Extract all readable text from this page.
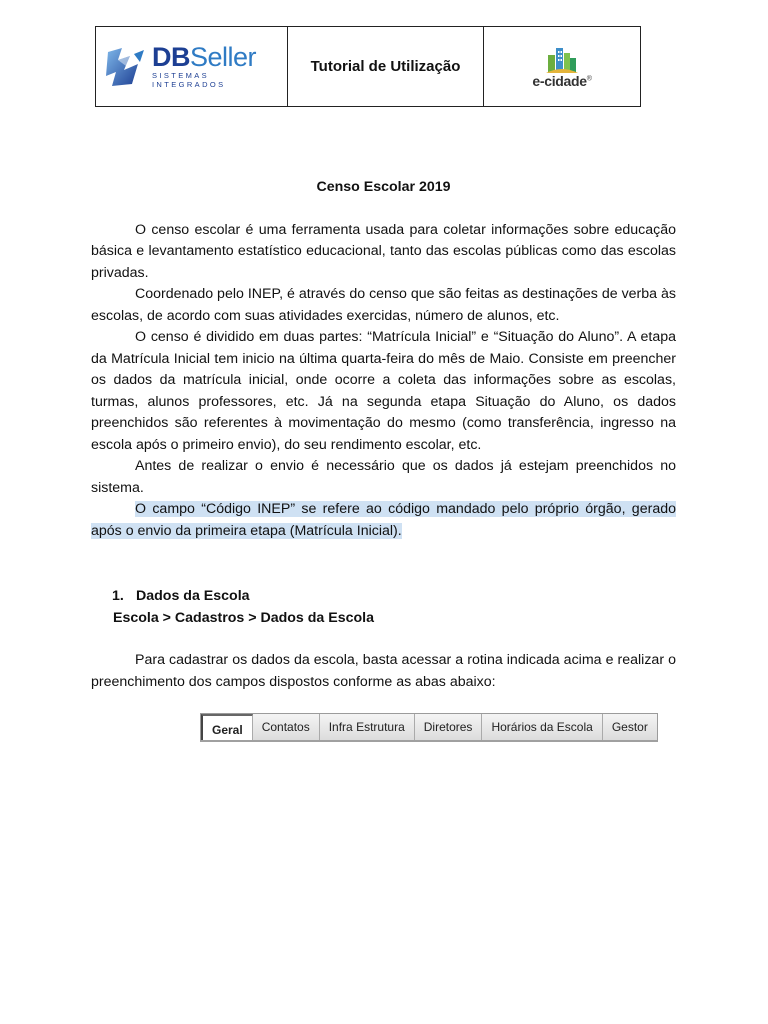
DBSeller
SISTEMAS INTEGRADOS
Tutorial de Utilização
e-cidade®
Censo Escolar 2019

O censo escolar é uma ferramenta usada para coletar informações sobre educação básica e levantamento estatístico educacional, tanto das escolas públicas como das escolas privadas.

Coordenado pelo INEP, é através do censo que são feitas as destinações de verba às escolas, de acordo com suas atividades exercidas, número de alunos, etc.

O censo é dividido em duas partes: “Matrícula Inicial” e “Situação do Aluno”. A etapa da Matrícula Inicial tem inicio na última quarta-feira do mês de Maio. Consiste em preencher os dados da matrícula inicial, onde ocorre a coleta das informações sobre as escolas, turmas, alunos professores, etc. Já na segunda etapa Situação do Aluno, os dados preenchidos são referentes à movimentação do mesmo (como transferência, ingresso na escola após o primeiro envio), do seu rendimento escolar, etc.

Antes de realizar o envio é necessário que os dados já estejam preenchidos no sistema.

O campo “Código INEP” se refere ao código mandado pelo próprio órgão, gerado após o envio da primeira etapa (Matrícula Inicial).

1. Dados da Escola
Escola > Cadastros > Dados da Escola

Para cadastrar os dados da escola, basta acessar a rotina indicada acima e realizar o preenchimento dos campos dispostos conforme as abas abaixo:

Geral	Contatos	Infra Estrutura	Diretores	Horários da Escola	Gestor
